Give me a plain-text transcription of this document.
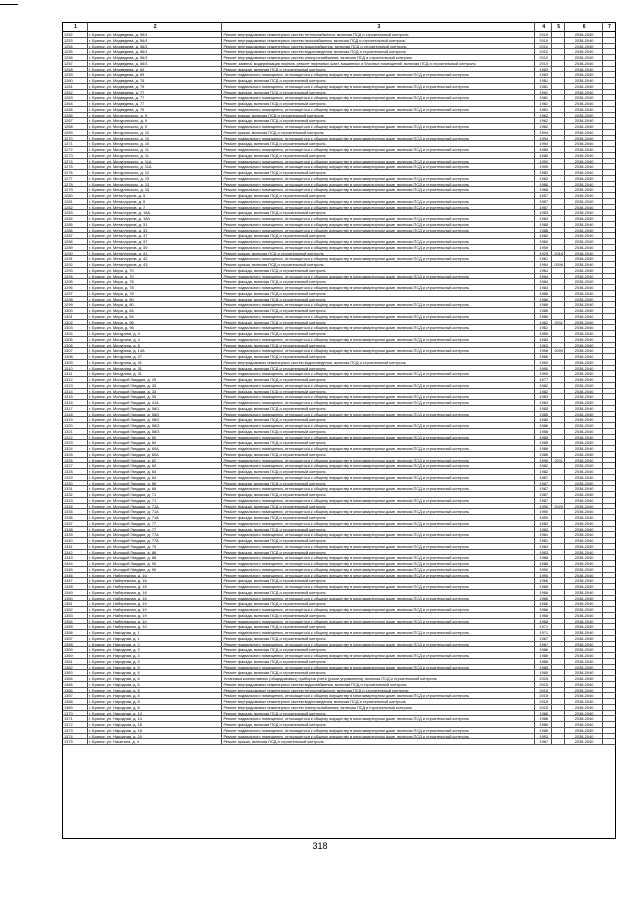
1	2	3	4	5	6	7
1252	г. Брянск, ул. Медведева, д. 56/1	Ремонт внутридомовых инженерных систем теплоснабжения, включая ПСД и строительный контроль	2010	2038-2040
1253	г. Брянск, ул. Медведева, д. 56/1	Ремонт внутридомовых инженерных систем газоснабжения, включая ПСД и строительный контроль	2010	2038-2040
1254	г. Брянск, ул. Медведева, д. 56/1	Ремонт внутридомовых инженерных систем водоснабжения, включая ПСД и строительный контроль	2010	2038-2040
1255	г. Брянск, ул. Медведева, д. 56/1	Ремонт внутридомовых инженерных систем водоотведения, включая ПСД и строительный контроль	2010	2038-2040
1256	г. Брянск, ул. Медведева, д. 56/1	Ремонт внутридомовых инженерных систем электроснабжения, включая ПСД и строительный контроль	2010	2038-2040
1257	г. Брянск, ул. Медведева, д. 56/1	Ремонт, замена, модернизация лифтов, ремонт лифтовых шахт, машинных и блочных помещений, включая ПСД и строительный контроль	2010	2038-2040
1258	г. Брянск, ул. Медведева, д. 69	Ремонт фасада, включая ПСД и строительный контроль	1983	2038-2040
1259	г. Брянск, ул. Медведева, д. 69	Ремонт подвального помещения, относящегося к общему имуществу в многоквартирном доме, включая ПСД и строительный контроль	1983	2038-2040
1260	г. Брянск, ул. Медведева, д. 75	Ремонт фасада, включая ПСД и строительный контроль	1981	2038-2040
1261	г. Брянск, ул. Медведева, д. 75	Ремонт подвального помещения, относящегося к общему имуществу в многоквартирном доме, включая ПСД и строительный контроль	1981	2038-2040
1262	г. Брянск, ул. Медведева, д. 77	Ремонт фасада, включая ПСД и строительный контроль	1981	2038-2040
1263	г. Брянск, ул. Медведева, д. 77	Ремонт подвального помещения, относящегося к общему имуществу в многоквартирном доме, включая ПСД и строительный контроль	1981	2038-2040
1264	г. Брянск, ул. Медведева, д. 77	Ремонт фасада, включая ПСД и строительный контроль	1981	2038-2040
1265	г. Брянск, ул. Медведева, д. 79	Ремонт подвального помещения, относящегося к общему имуществу в многоквартирном доме, включая ПСД и строительный контроль	1981	2038-2040
1266	г. Брянск, ул. Мичуринского, д. 9	Ремонт крыши, включая ПСД и строительный контроль	1962	2038-2040
1267	г. Брянск, ул. Мичуринского, д. 9	Ремонт фасада, включая ПСД и строительный контроль	1962	2038-2040
1268	г. Брянск, ул. Мичуринского, д. 9	Ремонт подвального помещения, относящегося к общему имуществу в многоквартирном доме, включая ПСД и строительный контроль	1962	2038-2040
1269	г. Брянск, ул. Мичуринского, д. 10	Ремонт крыши, включая ПСД и строительный контроль	1994	2038-2040
1270	г. Брянск, ул. Мичуринского, д. 10	Ремонт подвального помещения, относящегося к общему имуществу в многоквартирном доме, включая ПСД и строительный контроль	1994	2038-2040
1271	г. Брянск, ул. Мичуринского, д. 10	Ремонт фасада, включая ПСД и строительный контроль	1994	2038-2040
1272	г. Брянск, ул. Мичуринского, д. 11	Ремонт подвального помещения, относящегося к общему имуществу в многоквартирном доме, включая ПСД и строительный контроль	1985	2038-2040
1273	г. Брянск, ул. Мичуринского, д. 11	Ремонт фасада, включая ПСД и строительный контроль	1985	2038-2040
1274	г. Брянск, ул. Мичуринского, д. 11А	Ремонт подвального помещения, относящегося к общему имуществу в многоквартирном доме, включая ПСД и строительный контроль	1990	2038-2040
1275	г. Брянск, ул. Мичуринского, д. 11А	Ремонт подвального помещения, относящегося к общему имуществу в многоквартирном доме, включая ПСД и строительный контроль	1990	2038-2040
1276	г. Брянск, ул. Мичуринского, д. 12	Ремонт фасада, включая ПСД и строительный контроль	1982	2038-2040
1277	г. Брянск, ул. Мичуринского, д. 13	Ремонт подвального помещения, относящегося к общему имуществу в многоквартирном доме, включая ПСД и строительный контроль	1982	2038-2040
1278	г. Брянск, ул. Мичуринского, д. 13	Ремонт подвального помещения, относящегося к общему имуществу в многоквартирном доме, включая ПСД и строительный контроль	1988	2038-2040
1279	г. Брянск, ул. Мичуринского, д. 15	Ремонт подвального помещения, относящегося к общему имуществу в многоквартирном доме, включая ПСД и строительный контроль	1988	2038-2040
1280	г. Брянск, ул. Металлургов, д. 5	Ремонт фасада, включая ПСД и строительный контроль	1957	2038-2040
1281	г. Брянск, ул. Металлургов, д. 5	Ремонт подвального помещения, относящегося к общему имуществу в многоквартирном доме, включая ПСД и строительный контроль	1957	2038-2040
1282	г. Брянск, ул. Металлургов, д. 7	Ремонт подвального помещения, относящегося к общему имуществу в многоквартирном доме, включая ПСД и строительный контроль	1957	2038-2040
1283	г. Брянск, ул. Металлургов, д. 18А	Ремонт фасада, включая ПСД и строительный контроль	1983	2038-2040
1284	г. Брянск, ул. Металлургов, д. 18А	Ремонт подвального помещения, относящегося к общему имуществу в многоквартирном доме, включая ПСД и строительный контроль	1983	2038-2040
1285	г. Брянск, ул. Металлургов, д. 31	Ремонт подвального помещения, относящегося к общему имуществу в многоквартирном доме, включая ПСД и строительный контроль	1988	2038-2040
1286	г. Брянск, ул. Металлургов, д. 33	Ремонт подвального помещения, относящегося к общему имуществу в многоквартирном доме, включая ПСД и строительный контроль	1988	2038-2040
1287	г. Брянск, ул. Металлургов, д. 37	Ремонт фасада, включая ПСД и строительный контроль	1960	2038-2040
1288	г. Брянск, ул. Металлургов, д. 37	Ремонт подвального помещения, относящегося к общему имуществу в многоквартирном доме, включая ПСД и строительный контроль	1960	2038-2040
1289	г. Брянск, ул. Металлургов, д. 39	Ремонт подвального помещения, относящегося к общему имуществу в многоквартирном доме, включая ПСД и строительный контроль	1959	2038-2040
1290	г. Брянск, ул. Металлургов, д. 41	Ремонт крыши, включая ПСД и строительный контроль	1925	2018	2038-2040
1291	г. Брянск, ул. Металлургов, д. 42	Ремонт подвального помещения, относящегося к общему имуществу в многоквартирном доме, включая ПСД и строительный контроль	1961	2038-2040
1292	г. Брянск, ул. Металлургов, д. 43	Ремонт крыши, включая ПСД и строительный контроль	1964	2006	2038-2040
1293	г. Брянск, ул. Мира, д. 70	Ремонт фасада, включая ПСД и строительный контроль	1964	2038-2040
1294	г. Брянск, ул. Мира, д. 70	Ремонт подвального помещения, относящегося к общему имуществу в многоквартирном доме, включая ПСД и строительный контроль	1964	2038-2040
1295	г. Брянск, ул. Мира, д. 76	Ремонт фасада, включая ПСД и строительный контроль	1984	2038-2040
1296	г. Брянск, ул. Мира, д. 78	Ремонт подвального помещения, относящегося к общему имуществу в многоквартирном доме, включая ПСД и строительный контроль	1984	2038-2040
1297	г. Брянск, ул. Мира, д. 78	Ремонт фасада, включая ПСД и строительный контроль	1986	2038-2040
1298	г. Брянск, ул. Мира, д. 80	Ремонт фасада, включая ПСД и строительный контроль	1986	2038-2040
1299	г. Брянск, ул. Мира, д. 80	Ремонт подвального помещения, относящегося к общему имуществу в многоквартирном доме, включая ПСД и строительный контроль	1986	2038-2040
1300	г. Брянск, ул. Мира, д. 84	Ремонт фасада, включая ПСД и строительный контроль	1986	2038-2040
1301	г. Брянск, ул. Мира, д. 84	Ремонт подвального помещения, относящегося к общему имуществу в многоквартирном доме, включая ПСД и строительный контроль	1986	2038-2040
1302	г. Брянск, ул. Мира, д. 96	Ремонт фасада, включая ПСД и строительный контроль	1962	2011	2038-2040
1303	г. Брянск, ул. Мира, д. 96	Ремонт подвального помещения, относящегося к общему имуществу в многоквартирном доме, включая ПСД и строительный контроль	1962	2038-2040
1304	г. Брянск, ул. Мичурина, д. 4	Ремонт фасада, включая ПСД и строительный контроль	1965	2038-2040
1305	г. Брянск, ул. Мичурина, д. 4	Ремонт подвального помещения, относящегося к общему имуществу в многоквартирном доме, включая ПСД и строительный контроль	1965	2038-2040
1306	г. Брянск, ул. Мичурина, д. 8	Ремонт фасада, включая ПСД и строительный контроль	1963	2038-2040
1307	г. Брянск, ул. Мичурина, д. 14А	Ремонт подвального помещения, относящегося к общему имуществу в многоквартирном доме, включая ПСД и строительный контроль	1958	2009	2038-2040
1308	г. Брянск, ул. Мичурина, д. 27	Ремонт фасада, включая ПСД и строительный контроль	1966	2038-2040
1309	г. Брянск, ул. Мичурина, д. 31	Ремонт внутридомовых инженерных систем водоотведения, включая ПСД и строительный контроль	1990	2038-2040
1310	г. Брянск, ул. Мичурина, д. 31	Ремонт фасада, включая ПСД и строительный контроль	1990	2038-2040
1311	г. Брянск, ул. Мичурина, д. 31	Ремонт подвального помещения, относящегося к общему имуществу в многоквартирном доме, включая ПСД и строительный контроль	1990	2038-2040
1312	г. Брянск, ул. Молодой Гвардии, д. 29	Ремонт фасада, включая ПСД и строительный контроль	1977	2038-2040
1313	г. Брянск, ул. Молодой Гвардии, д. 33	Ремонт подвального помещения, относящегося к общему имуществу в многоквартирном доме, включая ПСД и строительный контроль	1982	2038-2040
1314	г. Брянск, ул. Молодой Гвардии, д. 33	Ремонт фасада, включая ПСД и строительный контроль	1982	2038-2040
1315	г. Брянск, ул. Молодой Гвардии, д. 35	Ремонт подвального помещения, относящегося к общему имуществу в многоквартирном доме, включая ПСД и строительный контроль	1983	2038-2040
1316	г. Брянск, ул. Молодой Гвардии, д. 41А	Ремонт подвального помещения, относящегося к общему имуществу в многоквартирном доме, включая ПСД и строительный контроль	1983	2038-2040
1317	г. Брянск, ул. Молодой Гвардии, д. 58/1	Ремонт фасада, включая ПСД и строительный контроль	1985	2038-2040
1318	г. Брянск, ул. Молодой Гвардии, д. 58/2	Ремонт подвального помещения, относящегося к общему имуществу в многоквартирном доме, включая ПСД и строительный контроль	1985	2038-2040
1319	г. Брянск, ул. Молодой Гвардии, д. 58/2	Ремонт фасада, включая ПСД и строительный контроль	1985	2038-2040
1320	г. Брянск, ул. Молодой Гвардии, д. 58/3	Ремонт подвального помещения, относящегося к общему имуществу в многоквартирном доме, включая ПСД и строительный контроль	1986	2038-2040
1321	г. Брянск, ул. Молодой Гвардии, д. 58/3	Ремонт фасада, включая ПСД и строительный контроль	1986	2038-2040
1322	г. Брянск, ул. Молодой Гвардии, д. 60	Ремонт подвального помещения, относящегося к общему имуществу в многоквартирном доме, включая ПСД и строительный контроль	1985	2038-2040
1323	г. Брянск, ул. Молодой Гвардии, д. 60	Ремонт фасада, включая ПСД и строительный контроль	1985	2038-2040
1324	г. Брянск, ул. Молодой Гвардии, д. 60А	Ремонт подвального помещения, относящегося к общему имуществу в многоквартирном доме, включая ПСД и строительный контроль	1986	2038-2040
1325	г. Брянск, ул. Молодой Гвардии, д. 60А	Ремонт фасада, включая ПСД и строительный контроль	1986	2038-2040
1326	г. Брянск, ул. Молодой Гвардии, д. 62	Ремонт подвального помещения, относящегося к общему имуществу в многоквартирном доме, включая ПСД и строительный контроль	1995	2011	2038-2040
1327	г. Брянск, ул. Молодой Гвардии, д. 62	Ремонт подвального помещения, относящегося к общему имуществу в многоквартирном доме, включая ПСД и строительный контроль	1982	2038-2040
1328	г. Брянск, ул. Молодой Гвардии, д. 64	Ремонт фасада, включая ПСД и строительный контроль	1982	2038-2040
1329	г. Брянск, ул. Молодой Гвардии, д. 64	Ремонт подвального помещения, относящегося к общему имуществу в многоквартирном доме, включая ПСД и строительный контроль	1987	2038-2040
1330	г. Брянск, ул. Молодой Гвардии, д. 66	Ремонт фасада, включая ПСД и строительный контроль	1987	2038-2040
1331	г. Брянск, ул. Молодой Гвардии, д. 66	Ремонт подвального помещения, относящегося к общему имуществу в многоквартирном доме, включая ПСД и строительный контроль	1987	2038-2040
1332	г. Брянск, ул. Молодой Гвардии, д. 71	Ремонт фасада, включая ПСД и строительный контроль	1987	2038-2040
1333	г. Брянск, ул. Молодой Гвардии, д. 71	Ремонт подвального помещения, относящегося к общему имуществу в многоквартирном доме, включая ПСД и строительный контроль	1987	2038-2040
1334	г. Брянск, ул. Молодой Гвардии, д. 71А	Ремонт фасада, включая ПСД и строительный контроль	1990	2020	2038-2040
1335	г. Брянск, ул. Молодой Гвардии, д. 71А	Ремонт подвального помещения, относящегося к общему имуществу в многоквартирном доме, включая ПСД и строительный контроль	1990	2038-2040
1336	г. Брянск, ул. Молодой Гвардии, д. 71А	Ремонт фасада, включая ПСД и строительный контроль	1990	2038-2040
1337	г. Брянск, ул. Молодой Гвардии, д. 77	Ремонт подвального помещения, относящегося к общему имуществу в многоквартирном доме, включая ПСД и строительный контроль	1983	2038-2040
1338	г. Брянск, ул. Молодой Гвардии, д. 77	Ремонт фасада, включая ПСД и строительный контроль	1983	2038-2040
1339	г. Брянск, ул. Молодой Гвардии, д. 77А	Ремонт подвального помещения, относящегося к общему имуществу в многоквартирном доме, включая ПСД и строительный контроль	1981	2038-2040
1340	г. Брянск, ул. Молодой Гвардии, д. 77А	Ремонт фасада, включая ПСД и строительный контроль	1981	2038-2040
1341	г. Брянск, ул. Молодой Гвардии, д. 79	Ремонт подвального помещения, относящегося к общему имуществу в многоквартирном доме, включая ПСД и строительный контроль	1983	2038-2040
1342	г. Брянск, ул. Молодой Гвардии, д. 86	Ремонт фасада, включая ПСД и строительный контроль	1983	2038-2040
1343	г. Брянск, ул. Молодой Гвардии, д. 86	Ремонт подвального помещения, относящегося к общему имуществу в многоквартирном доме, включая ПСД и строительный контроль	1988	2038-2040
1344	г. Брянск, ул. Молодой Гвардии, д. 90	Ремонт подвального помещения, относящегося к общему имуществу в многоквартирном доме, включая ПСД и строительный контроль	1988	2038-2040
1345	г. Брянск, ул. Молодой Гвардии, д. 90	Ремонт подвального помещения, относящегося к общему имуществу в многоквартирном доме, включая ПСД и строительный контроль	1990	2038-2040
1346	г. Брянск, ул. Набережная, д. 16	Ремонт подвального помещения, относящегося к общему имуществу в многоквартирном доме, включая ПСД и строительный контроль	1990	2038-2040
1347	г. Брянск, ул. Набережная, д. 16	Ремонт фасада, включая ПСД и строительный контроль	1966	2038-2040
1348	г. Брянск, ул. Набережная, д. 18	Ремонт подвального помещения, относящегося к общему имуществу в многоквартирном доме, включая ПСД и строительный контроль	1966	2038-2040
1349	г. Брянск, ул. Набережная, д. 18	Ремонт фасада, включая ПСД и строительный контроль	1966	2038-2040
1350	г. Брянск, ул. Набережная, д. 18	Ремонт подвального помещения, относящегося к общему имуществу в многоквартирном доме, включая ПСД и строительный контроль	1966	2038-2040
1351	г. Брянск, ул. Набережная, д. 19	Ремонт фасада, включая ПСД и строительный контроль	1966	2038-2040
1352	г. Брянск, ул. Набережная, д. 19	Ремонт подвального помещения, относящегося к общему имуществу в многоквартирном доме, включая ПСД и строительный контроль	1966	2038-2040
1353	г. Брянск, ул. Набережная, д. 19	Ремонт фасада, включая ПСД и строительный контроль	1966	2038-2040
1354	г. Брянск, ул. Набережная, д. 10	Ремонт подвального помещения, относящегося к общему имуществу в многоквартирном доме, включая ПСД и строительный контроль	1968	2038-2040
1355	г. Брянск, ул. Набережная, д. 10	Ремонт фасада, включая ПСД и строительный контроль	1971	2038-2040
1356	г. Брянск, ул. Народная, д. 1	Ремонт подвального помещения, относящегося к общему имуществу в многоквартирном доме, включая ПСД и строительный контроль	1971	2038-2040
1357	г. Брянск, ул. Народная, д. 1	Ремонт фасада, включая ПСД и строительный контроль	1987	2038-2040
1358	г. Брянск, ул. Народная, д. 2	Ремонт подвального помещения, относящегося к общему имуществу в многоквартирном доме, включая ПСД и строительный контроль	1987	2038-2040
1359	г. Брянск, ул. Народная, д. 3	Ремонт фасада, включая ПСД и строительный контроль	1986	2038-2040
1360	г. Брянск, ул. Народная, д. 3	Ремонт подвального помещения, относящегося к общему имуществу в многоквартирном доме, включая ПСД и строительный контроль	1986	2038-2040
1361	г. Брянск, ул. Народная, д. 5	Ремонт фасада, включая ПСД и строительный контроль	1986	2038-2040
1362	г. Брянск, ул. Народная, д. 5	Ремонт подвального помещения, относящегося к общему имуществу в многоквартирном доме, включая ПСД и строительный контроль	1985	2038-2040
1363	г. Брянск, ул. Народная, д. 6	Ремонт фасада, включая ПСД и строительный контроль	1985	2038-2040
1364	г. Брянск, ул. Народная, д. 6	Установка коллективных (общедомовых) приборов учета (узлов управления), включая ПСД и строительный контроль	2015	2038-2040
1365	г. Брянск, ул. Народная, д. 8	Ремонт внутридомовых инженерных систем водоснабжения, включая ПСД и строительный контроль	2015	2038-2040
1366	г. Брянск, ул. Народная, д. 8	Ремонт внутридомовых инженерных систем теплоснабжения, включая ПСД и строительный контроль	2015	2038-2040
1367	г. Брянск, ул. Народная, д. 8	Ремонт подвального помещения, относящегося к общему имуществу в многоквартирном доме, включая ПСД и строительный контроль	2015	2038-2040
1368	г. Брянск, ул. Народная, д. 8	Ремонт внутридомовых инженерных систем водоотведения, включая ПСД и строительный контроль	2015	2038-2040
1369	г. Брянск, ул. Народная, д. 8	Ремонт внутридомовых инженерных систем электроснабжения, включая ПСД и строительный контроль	2015	2038-2040
1370	г. Брянск, ул. Народная, д. 14	Ремонт фасада, включая ПСД и строительный контроль	1986	2038-2040
1371	г. Брянск, ул. Народная, д. 14	Ремонт подвального помещения, относящегося к общему имуществу в многоквартирном доме, включая ПСД и строительный контроль	1986	2038-2040
1372	г. Брянск, ул. Народная, д. 18	Ремонт фасада, включая ПСД и строительный контроль	1986	2038-2040
1373	г. Брянск, ул. Народная, д. 18	Ремонт подвального помещения, относящегося к общему имуществу в многоквартирном доме, включая ПСД и строительный контроль	1986	2038-2040
1374	г. Брянск, ул. Народная, д. 20	Ремонт подвального помещения, относящегося к общему имуществу в многоквартирном доме, включая ПСД и строительный контроль	1993	2038-2040
1375	г. Брянск, ул. Никитина, д. 4	Ремонт крыши, включая ПСД и строительный контроль	1987	2038-2040
318
